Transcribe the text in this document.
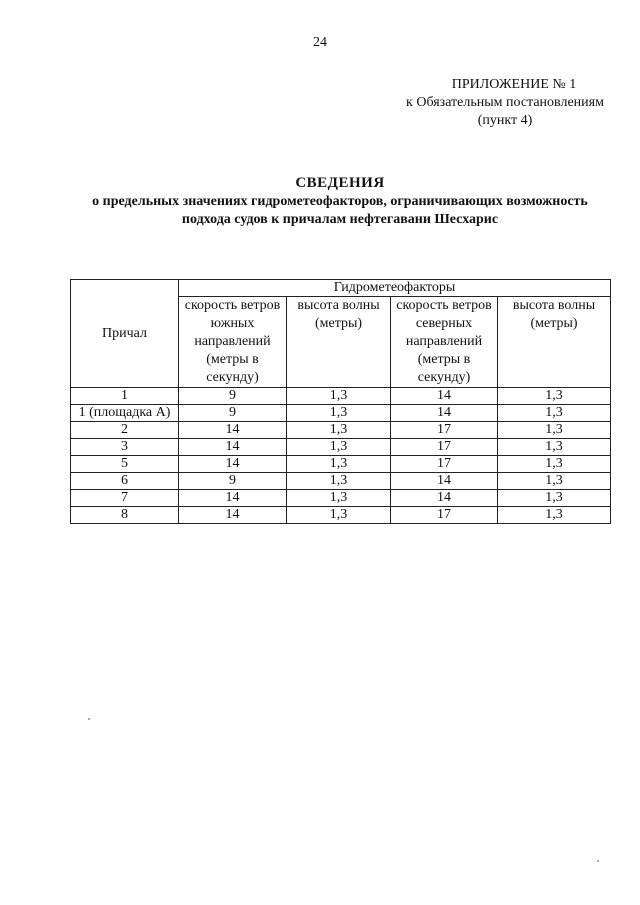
24
ПРИЛОЖЕНИЕ № 1
к Обязательным постановлениям
(пункт 4)
СВЕДЕНИЯ
о предельных значениях гидрометеофакторов, ограничивающих возможность
подхода судов к причалам нефтегавани Шесхарис
Причал	Гидрометеофакторы			
	скорость ветров южных направлений (метры в секунду)	высота волны (метры)	скорость ветров северных направлений (метры в секунду)	высота волны (метры)
1	9	1,3	14	1,3
1 (площадка А)	9	1,3	14	1,3
2	14	1,3	17	1,3
3	14	1,3	17	1,3
5	14	1,3	17	1,3
6	9	1,3	14	1,3
7	14	1,3	14	1,3
8	14	1,3	17	1,3
